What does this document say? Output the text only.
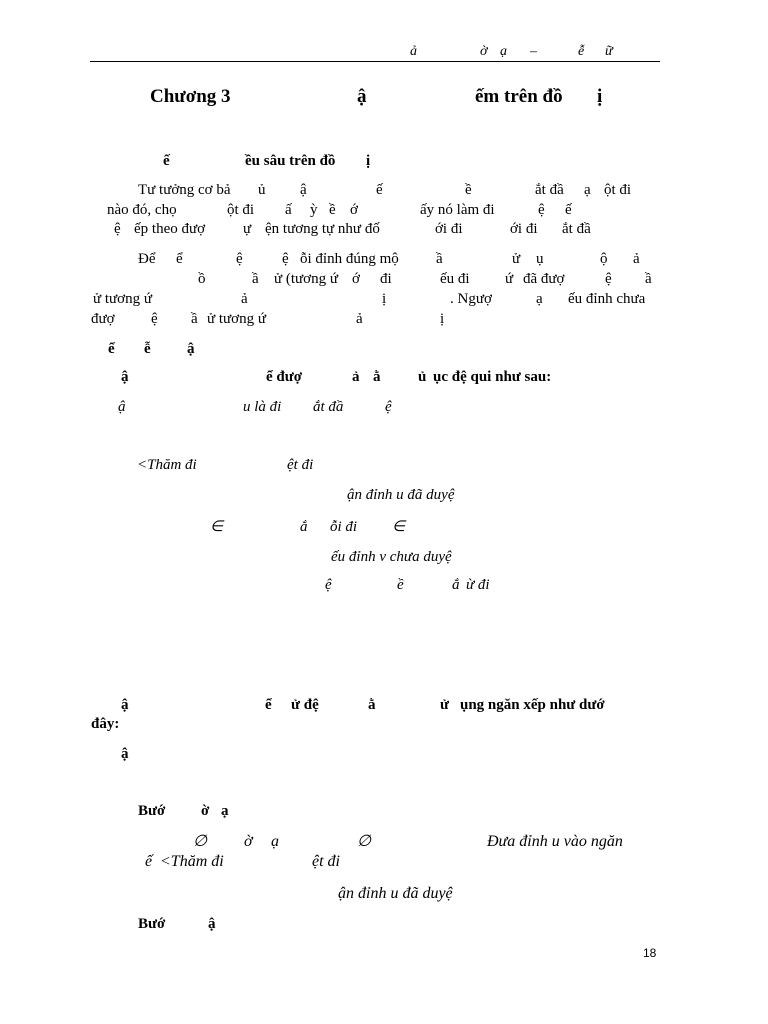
ả	ờ ạ –	ễ ữ
Chương 3	ậ	ếm trên đồ ị
ế	ều sâu trên đồ ị
Tư tưởng cơ bả ủ ậ	ế	ề	ắt đầ ạ ột đi
nào đó, chọ	ột đi ấ ỳ ề ớ	ấy nó làm đi	ệ ế
ệ ếp theo đượ	ự ện tương tự như đố	ới đi	ới đi ắt đầ
Để ể	ệ	ệ ỗi đỉnh đúng mộ ầ	ử ụ	ộ ả
ồ	ầ ử (tương ứ ớ đi	ếu đi ứ đã đượ	ệ ầ
ử tương ứ	ả	ị	. Ngượ	ạ ếu đỉnh chưa
đượ ệ ầ ử tương ứ	ả	ị
ể ễ ậ
ậ	ể đượ	ả ằ	ủ ục đệ qui như sau:
ậ	u là đi ắt đầ	ệ
<Thăm đi	ệt đi
ận đỉnh u đã duyệ
∈	ắ ỗi đi ∈
ếu đỉnh v chưa duyệ
ệ	ề	ắ ừ đi
ậ	ể ử đệ	ằ	ử ụng ngăn xếp như dướ
đây:
ậ
Bướ ờ ạ
∅ ờ ạ	∅	Đưa đỉnh u vào ngăn
ế <Thăm đi	ệt đi
ận đỉnh u đã duyệ
Bướ	ậ
18
